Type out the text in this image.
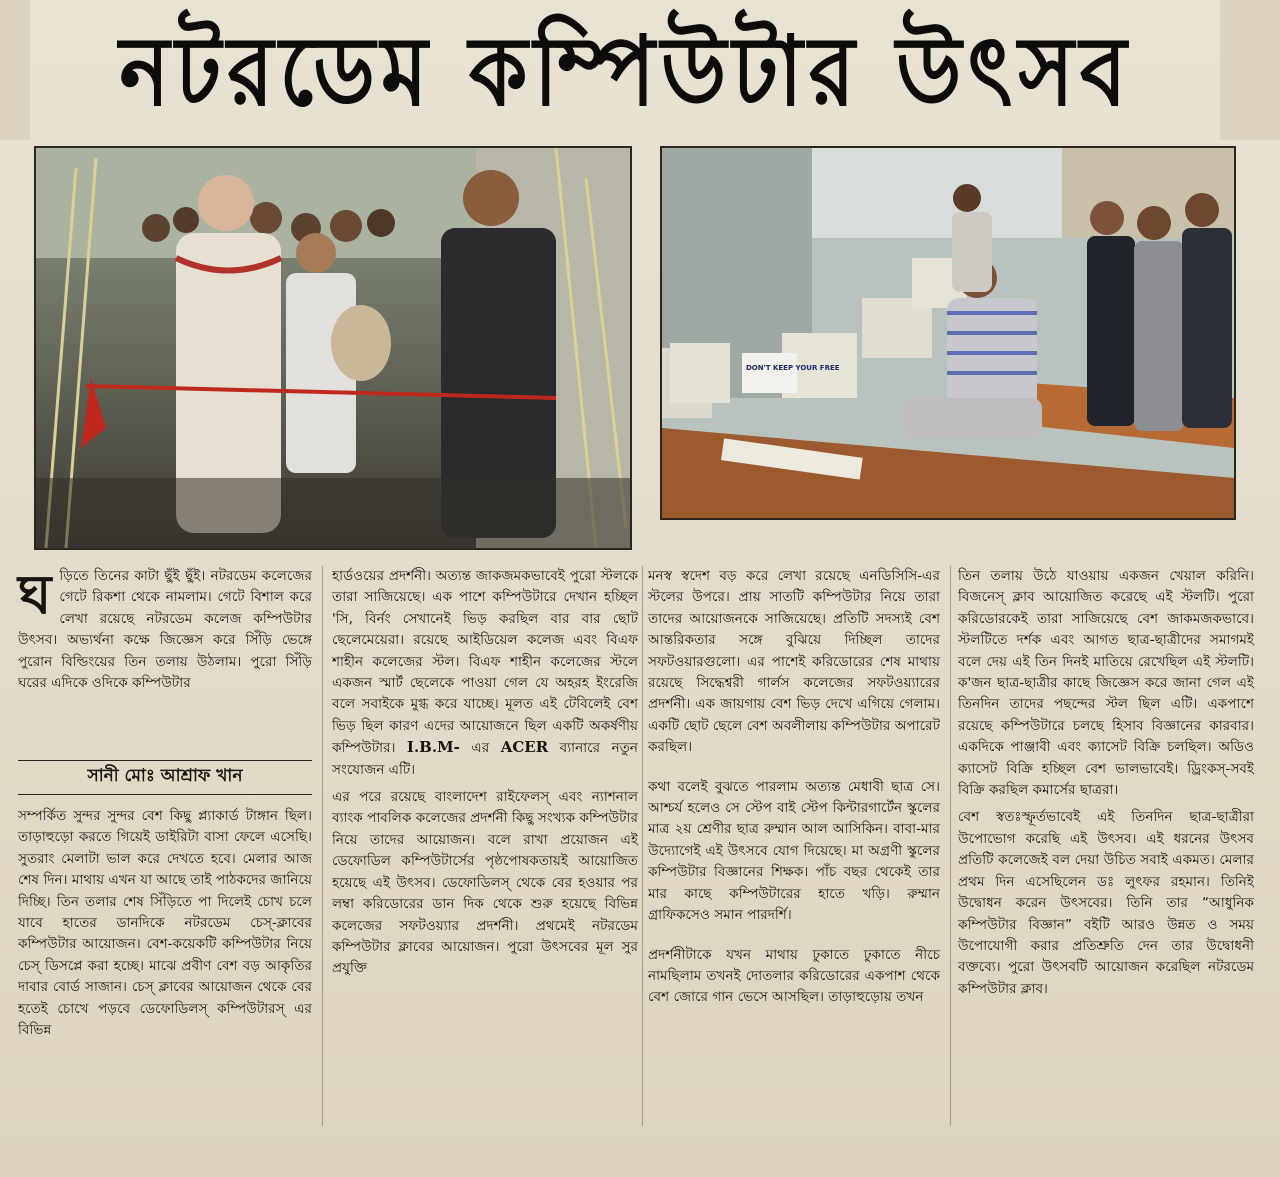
নটরডেম কম্পিউটার উৎসব
DON'T KEEP YOUR FREE
ঘ ড়িতে তিনের কাটা ছুঁই ছুঁই। নটরডেম কলেজের গেটে রিকশা থেকে নামলাম। গেটে বিশাল করে লেখা রয়েছে নটরডেম কলেজ কম্পিউটার উৎসব। অভ্যর্থনা কক্ষে জিজ্ঞেস করে সিঁড়ি ভেঙ্গে পুরোন বিল্ডিংয়ের তিন তলায় উঠলাম। পুরো সিঁড়ি ঘরের এদিকে ওদিকে কম্পিউটার
সানী মোঃ আশ্রাফ খান

সম্পর্কিত সুন্দর সুন্দর বেশ কিছু প্ল্যাকার্ড টাঙ্গান ছিল। তাড়াহুড়ো করতে গিয়েই ডাইরিটা বাসা ফেলে এসেছি। সুতরাং মেলাটা ভাল করে দেখতে হবে। মেলার আজ শেষ দিন। মাথায় এখন যা আছে তাই পাঠকদের জানিয়ে দিচ্ছি। তিন তলার শেষ সিঁড়িতে পা দিলেই চোখ চলে যাবে হাতের ডানদিকে নটরডেম চেস্-ক্লাবের কম্পিউটার আয়োজন। বেশ-কয়েকটি কম্পিউটার নিয়ে চেস্ ডিসপ্লে করা হচ্ছে। মাঝে প্রবীণ বেশ বড় আকৃতির দাবার বোর্ড সাজান। চেস্ ক্লাবের আয়োজন থেকে বের হতেই চোখে পড়বে ডেফোডিলস্ কম্পিউটারস্ এর বিভিন্ন

হার্ডওয়ের প্রদর্শনী। অত্যন্ত জাকজমকভাবেই পুরো স্টলকে তারা সাজিয়েছে। এক পাশে কম্পিউটারে দেখান হচ্ছিল 'সি, বির্নং সেখানেই ভিড় করছিল বার বার ছোট ছেলেমেয়েরা। রয়েছে আইডিয়েল কলেজ এবং বিএফ শাহীন কলেজের স্টল। বিএফ শাহীন কলেজের স্টলে একজন স্মার্ট ছেলেকে পাওয়া গেল যে অহরহ ইংরেজি বলে সবাইকে মুগ্ধ করে যাচ্ছে। মূলত এই টেবিলেই বেশ ভিড় ছিল কারণ এদের আয়োজনে ছিল একটি অকর্ষণীয় কম্পিউটার। I.B.M- এর ACER ব্যানারে নতুন সংযোজন এটি।

এর পরে রয়েছে বাংলাদেশ রাইফেলস্ এবং ন্যাশনাল ব্যাংক পাবলিক কলেজের প্রদর্শনী কিছু সংখ্যক কম্পিউটার নিয়ে তাদের আয়োজন। বলে রাখা প্রয়োজন এই ডেফোডিল কম্পিউটার্সের পৃষ্ঠপোষকতায়ই আয়োজিত হয়েছে এই উৎসব। ডেফোডিলস্ থেকে বের হওয়ার পর লম্বা করিডোরের ডান দিক থেকে শুরু হয়েছে বিভিন্ন কলেজের সফটওয়্যার প্রদর্শনী। প্রথমেই নটরডেম কম্পিউটার ক্লাবের আয়োজন। পুরো উৎসবের মূল সুর প্রযুক্তি

মনস্ব স্বদেশ বড় করে লেখা রয়েছে এনডিসিসি-এর স্টলের উপরে। প্রায় সাতটি কম্পিউটার নিয়ে তারা তাদের আয়োজনকে সাজিয়েছে। প্রতিটি সদস্যই বেশ আন্তরিকতার সঙ্গে বুঝিয়ে দিচ্ছিল তাদের সফটওয়ারগুলো। এর পাশেই করিডোরের শেষ মাথায় রয়েছে সিদ্ধেশ্বরী গার্লস কলেজের সফটওয়্যারের প্রদর্শনী। এক জায়গায় বেশ ভিড় দেখে এগিয়ে গেলাম। একটি ছোট ছেলে বেশ অবলীলায় কম্পিউটার অপারেট করছিল।

কথা বলেই বুঝতে পারলাম অত্যন্ত মেধাবী ছাত্র সে। আশ্চর্য হলেও সে স্টেপ বাই স্টেপ কিন্টারগার্টেন স্কুলের মাত্র ২য় শ্রেণীর ছাত্র রুম্মান আল আসিকিন। বাবা-মার উদ্যোগেই এই উৎসবে যোগ দিয়েছে। মা অগ্রণী স্কুলের কম্পিউটার বিজ্ঞানের শিক্ষক। পাঁচ বছর থেকেই তার মার কাছে কম্পিউটারের হাতে খড়ি। রুম্মান গ্রাফিকসেও সমান পারদর্শি।

প্রদর্শনীটাকে যখন মাথায় ঢুকাতে ঢুকাতে নীচে নামছিলাম তখনই দোতলার করিডোরের একপাশ থেকে বেশ জোরে গান ভেসে আসছিল। তাড়াহুড়োয় তখন

তিন তলায় উঠে যাওয়ায় একজন খেয়াল করিনি। বিজনেস্ ক্লাব আয়োজিত করেছে এই স্টলটি। পুরো করিডোরকেই তারা সাজিয়েছে বেশ জাকমজকভাবে। স্টলটিতে দর্শক এবং আগত ছাত্র-ছাত্রীদের সমাগমই বলে দেয় এই তিন দিনই মাতিয়ে রেখেছিল এই স্টলটি। ক'জন ছাত্র-ছাত্রীর কাছে জিজ্ঞেস করে জানা গেল এই তিনদিন তাদের পছন্দের স্টল ছিল এটি। একপাশে রয়েছে কম্পিউটারে চলছে হিসাব বিজ্ঞানের কারবার। একদিকে পাঞ্জাবী এবং ক্যাসেট বিক্রি চলছিল। অডিও ক্যাসেট বিক্রি হচ্ছিল বেশ ভালভাবেই। ড্রিংকস্-সবই বিক্রি করছিল কমার্সের ছাত্ররা।

বেশ স্বতঃস্ফূর্তভাবেই এই তিনদিন ছাত্র-ছাত্রীরা উপোভোগ করেছি এই উৎসব। এই ধরনের উৎসব প্রতিটি কলেজেই বল দেয়া উচিত সবাই একমত। মেলার প্রথম দিন এসেছিলেন ডঃ লুৎফর রহমান। তিনিই উদ্বোধন করেন উৎসবের। তিনি তার “আধুনিক কম্পিউটার বিজ্ঞান” বইটি আরও উন্নত ও সময় উপোযোগী করার প্রতিশ্রুতি দেন তার উদ্বোধনী বক্তব্যে। পুরো উৎসবটি আয়োজন করেছিল নটরডেম কম্পিউটার ক্লাব।
